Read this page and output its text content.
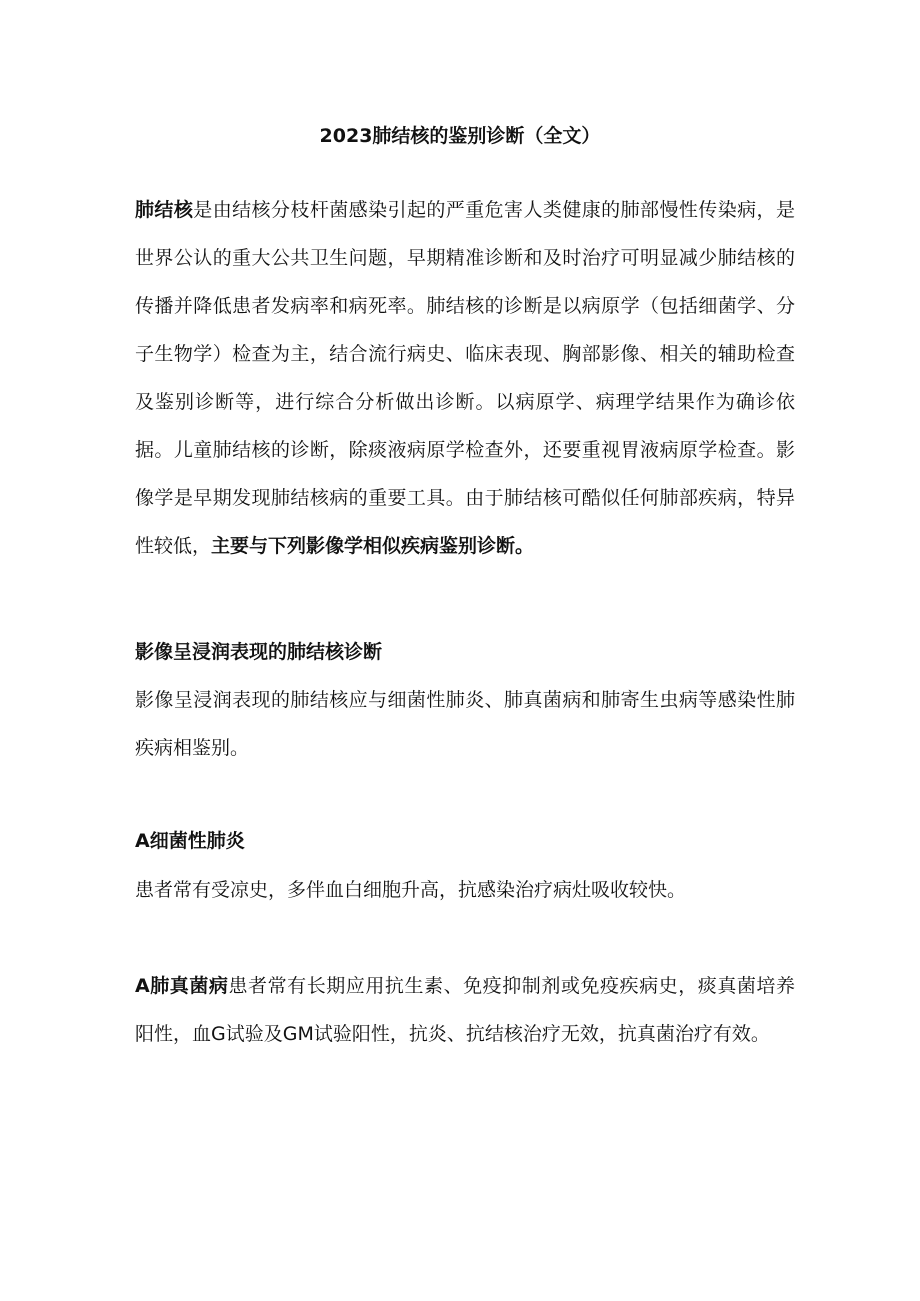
2023肺结核的鉴别诊断（全文）

肺结核是由结核分枝杆菌感染引起的严重危害人类健康的肺部慢性传染病，是世界公认的重大公共卫生问题，早期精准诊断和及时治疗可明显减少肺结核的传播并降低患者发病率和病死率。肺结核的诊断是以病原学（包括细菌学、分子生物学）检查为主，结合流行病史、临床表现、胸部影像、相关的辅助检查及鉴别诊断等，进行综合分析做出诊断。以病原学、病理学结果作为确诊依据。儿童肺结核的诊断，除痰液病原学检查外，还要重视胃液病原学检查。影像学是早期发现肺结核病的重要工具。由于肺结核可酷似任何肺部疾病，特异性较低，主要与下列影像学相似疾病鉴别诊断。

影像呈浸润表现的肺结核诊断

影像呈浸润表现的肺结核应与细菌性肺炎、肺真菌病和肺寄生虫病等感染性肺疾病相鉴别。

A细菌性肺炎

患者常有受凉史，多伴血白细胞升高，抗感染治疗病灶吸收较快。

A肺真菌病患者常有长期应用抗生素、免疫抑制剂或免疫疾病史，痰真菌培养阳性，血G试验及GM试验阳性，抗炎、抗结核治疗无效，抗真菌治疗有效。
